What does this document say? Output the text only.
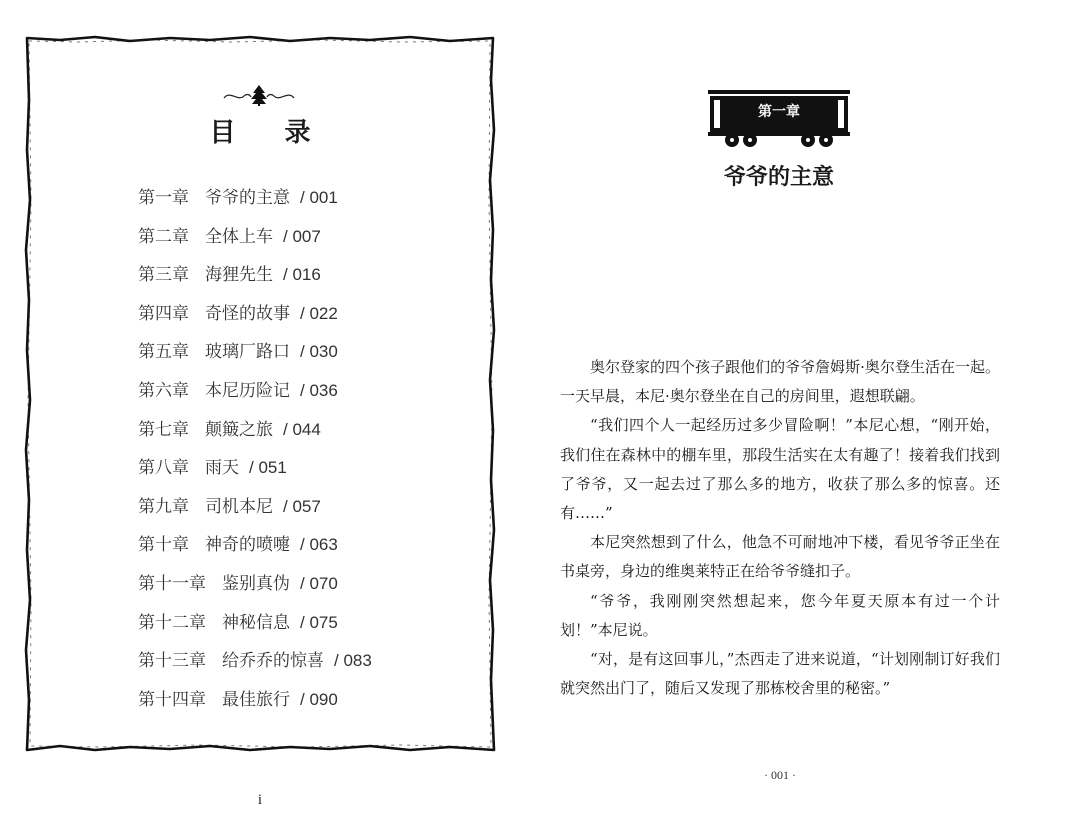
目 录
第一章 爷爷的主意 / 001
第二章 全体上车 / 007
第三章 海狸先生 / 016
第四章 奇怪的故事 / 022
第五章 玻璃厂路口 / 030
第六章 本尼历险记 / 036
第七章 颠簸之旅 / 044
第八章 雨天 / 051
第九章 司机本尼 / 057
第十章 神奇的喷嚏 / 063
第十一章 鉴别真伪 / 070
第十二章 神秘信息 / 075
第十三章 给乔乔的惊喜 / 083
第十四章 最佳旅行 / 090
i
第一章
爷爷的主意

奥尔登家的四个孩子跟他们的爷爷詹姆斯·奥尔登生活在一起。一天早晨，本尼·奥尔登坐在自己的房间里，遐想联翩。

“我们四个人一起经历过多少冒险啊！”本尼心想，“刚开始，我们住在森林中的棚车里，那段生活实在太有趣了！接着我们找到了爷爷，又一起去过了那么多的地方，收获了那么多的惊喜。还有……”

本尼突然想到了什么，他急不可耐地冲下楼，看见爷爷正坐在书桌旁，身边的维奥莱特正在给爷爷缝扣子。

“爷爷，我刚刚突然想起来，您今年夏天原本有过一个计划！”本尼说。

“对，是有这回事儿，”杰西走了进来说道，“计划刚制订好我们就突然出门了，随后又发现了那栋校舍里的秘密。”

· 001 ·
